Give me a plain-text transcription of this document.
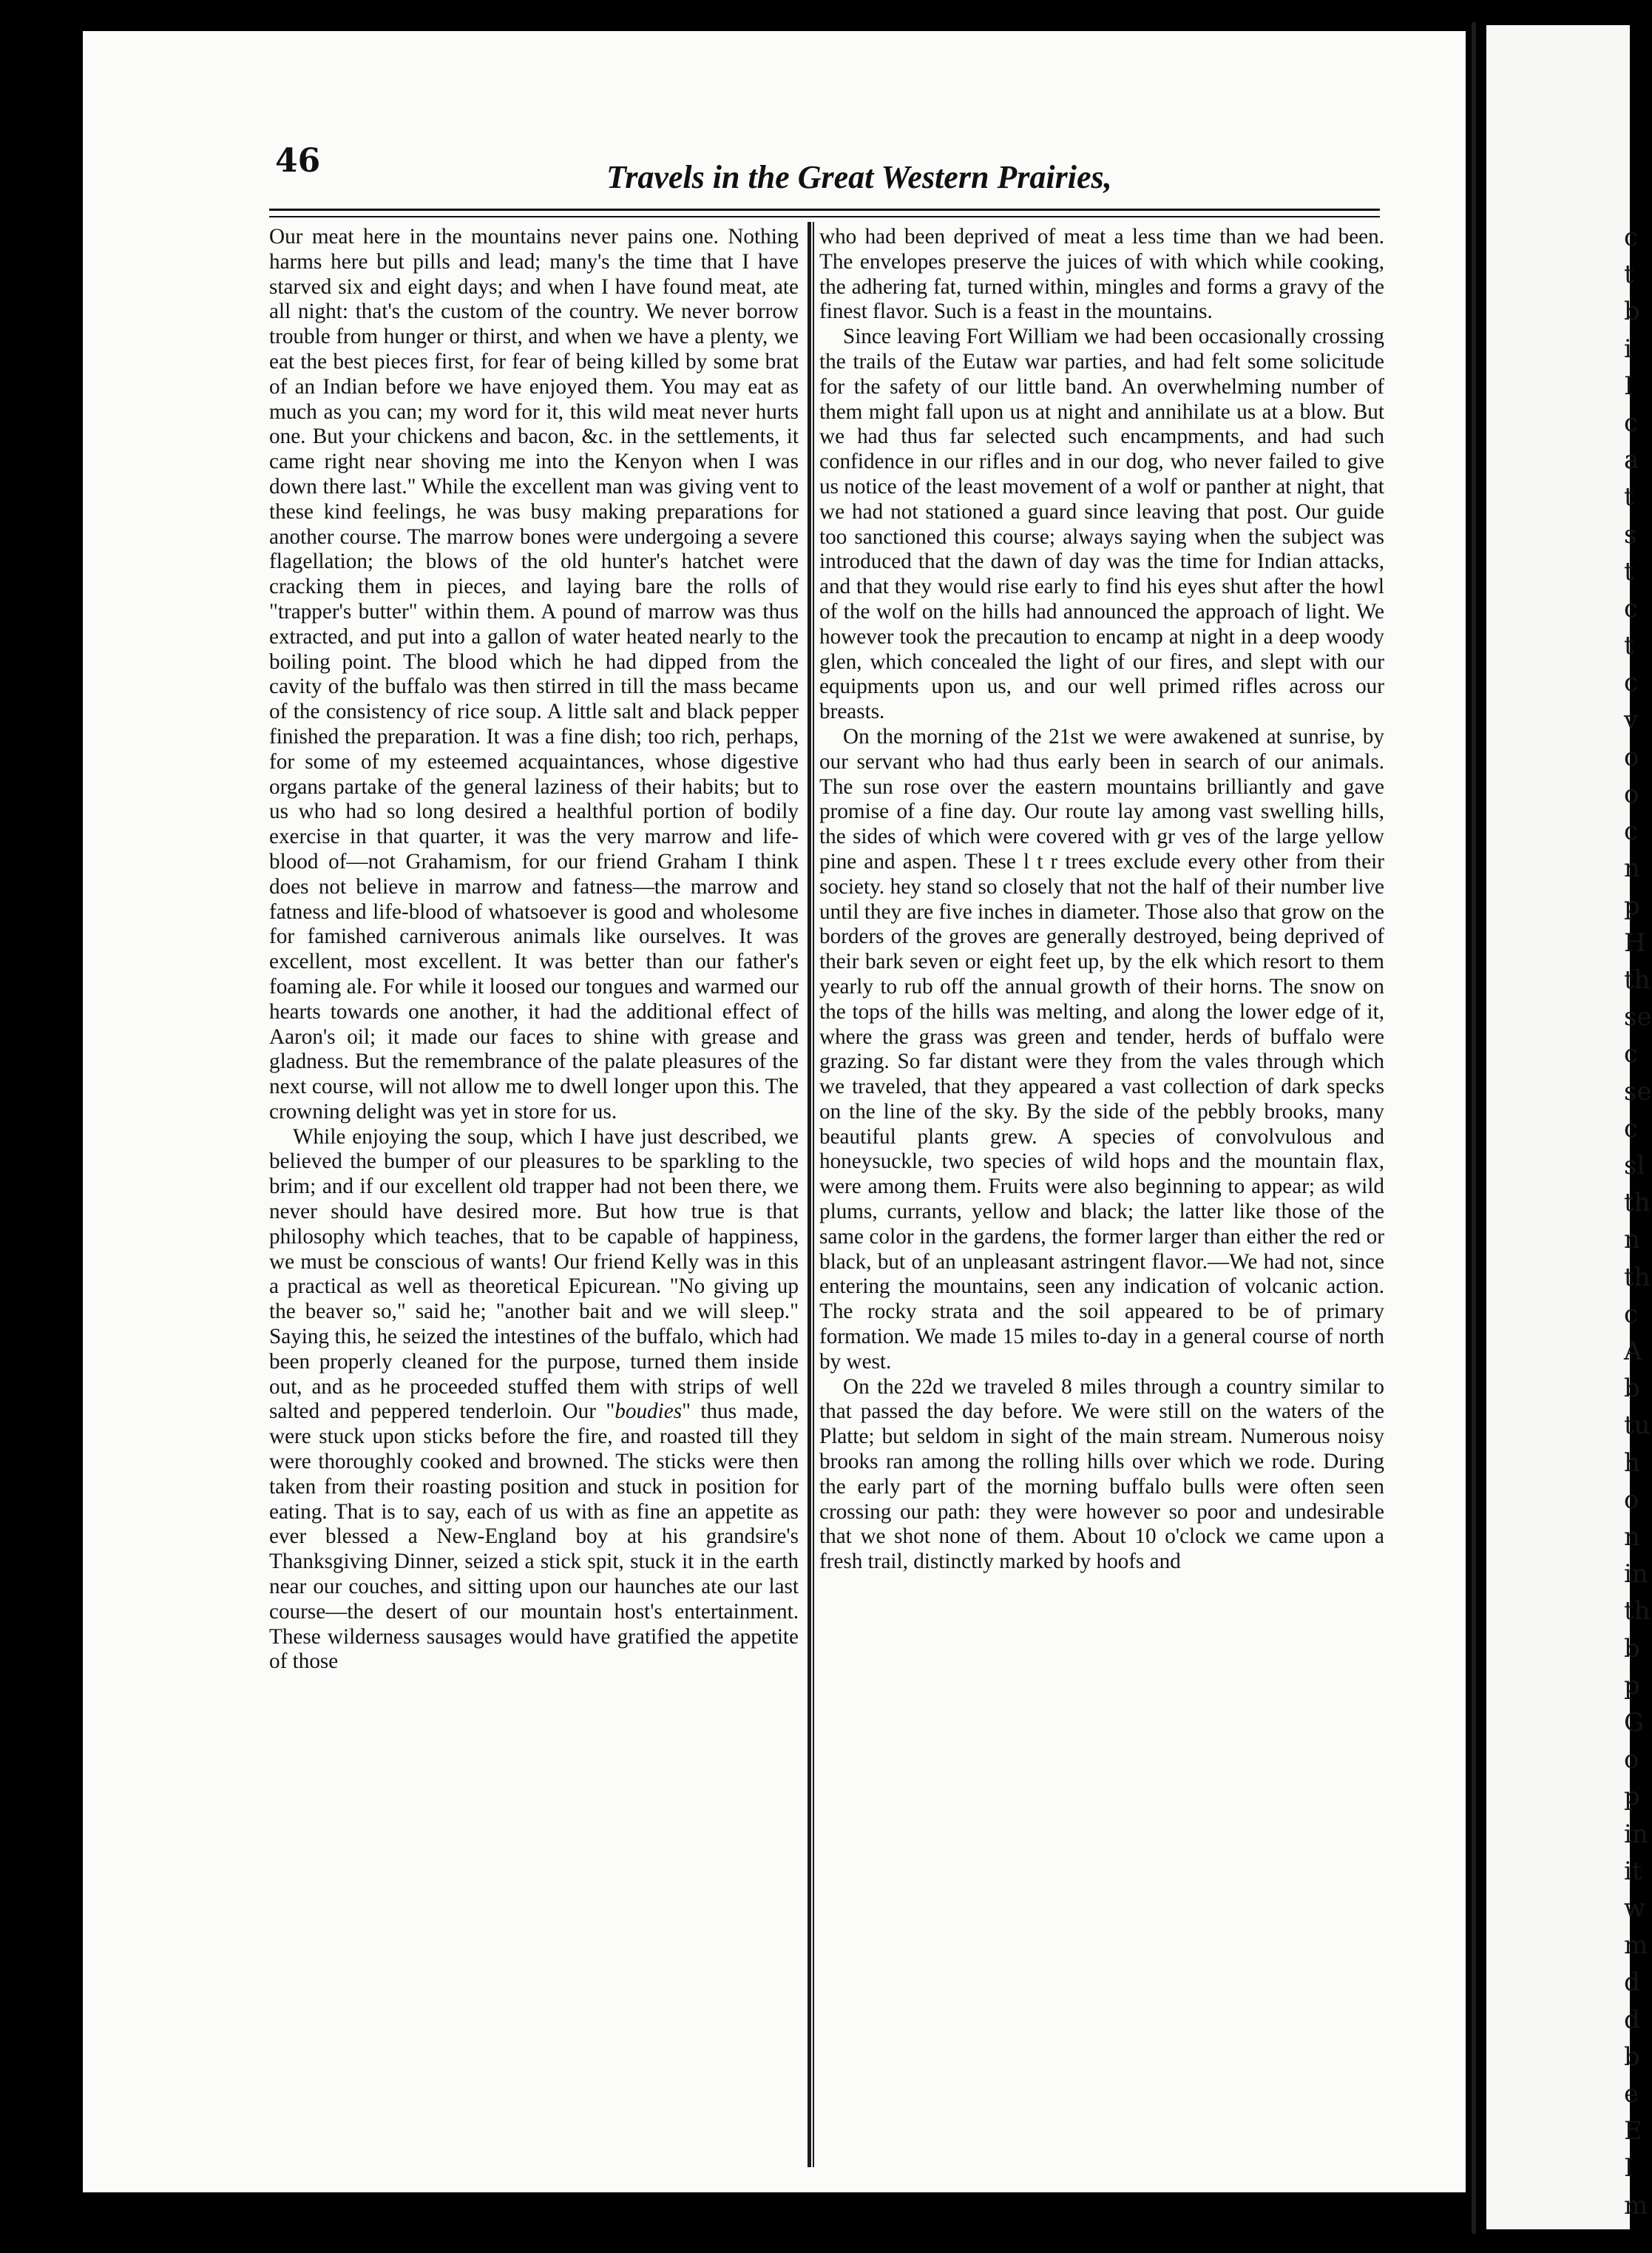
c
t
b
i
I
c
a
t
s
t
c
t
c
v
o
o
c
n
p
H
th
se
c
se
c
sl
th
n
th
c
A
b
tu
h
o
n
in
th
b
p
G
o
p
in
it
w
m
d
d
b
e
E
I
m
46	Travels in the Great Western Prairies,

Our meat here in the mountains never pains one. Nothing harms here but pills and lead; many's the time that I have starved six and eight days; and when I have found meat, ate all night: that's the custom of the country. We never borrow trouble from hunger or thirst, and when we have a plenty, we eat the best pieces first, for fear of being killed by some brat of an Indian before we have enjoyed them. You may eat as much as you can; my word for it, this wild meat never hurts one. But your chickens and bacon, &c. in the settlements, it came right near shoving me into the Kenyon when I was down there last." While the excellent man was giving vent to these kind feelings, he was busy making preparations for another course. The marrow bones were undergoing a severe flagellation; the blows of the old hunter's hatchet were cracking them in pieces, and laying bare the rolls of "trapper's butter" within them. A pound of marrow was thus extracted, and put into a gallon of water heated nearly to the boiling point. The blood which he had dipped from the cavity of the buffalo was then stirred in till the mass became of the consistency of rice soup. A little salt and black pepper finished the preparation. It was a fine dish; too rich, perhaps, for some of my esteemed acquaintances, whose digestive organs partake of the general laziness of their habits; but to us who had so long desired a healthful portion of bodily exercise in that quarter, it was the very marrow and life-blood of—not Grahamism, for our friend Graham I think does not believe in marrow and fatness—the marrow and fatness and life-blood of whatsoever is good and wholesome for famished carniverous animals like ourselves. It was excellent, most excellent. It was better than our father's foaming ale. For while it loosed our tongues and warmed our hearts towards one another, it had the additional effect of Aaron's oil; it made our faces to shine with grease and gladness. But the remembrance of the palate pleasures of the next course, will not allow me to dwell longer upon this. The crowning delight was yet in store for us.

While enjoying the soup, which I have just described, we believed the bumper of our pleasures to be sparkling to the brim; and if our excellent old trapper had not been there, we never should have desired more. But how true is that philosophy which teaches, that to be capable of happiness, we must be conscious of wants! Our friend Kelly was in this a practical as well as theoretical Epicurean. "No giving up the beaver so," said he; "another bait and we will sleep." Saying this, he seized the intestines of the buffalo, which had been properly cleaned for the purpose, turned them inside out, and as he proceeded stuffed them with strips of well salted and peppered tenderloin. Our "boudies" thus made, were stuck upon sticks before the fire, and roasted till they were thoroughly cooked and browned. The sticks were then taken from their roasting position and stuck in position for eating. That is to say, each of us with as fine an appetite as ever blessed a New-England boy at his grandsire's Thanksgiving Dinner, seized a stick spit, stuck it in the earth near our couches, and sitting upon our haunches ate our last course—the desert of our mountain host's entertainment. These wilderness sausages would have gratified the appetite of those

who had been deprived of meat a less time than we had been. The envelopes preserve the juices of with which while cooking, the adhering fat, turned within, mingles and forms a gravy of the finest flavor. Such is a feast in the mountains.

Since leaving Fort William we had been occasionally crossing the trails of the Eutaw war parties, and had felt some solicitude for the safety of our little band. An overwhelming number of them might fall upon us at night and annihilate us at a blow. But we had thus far selected such encampments, and had such confidence in our rifles and in our dog, who never failed to give us notice of the least movement of a wolf or panther at night, that we had not stationed a guard since leaving that post. Our guide too sanctioned this course; always saying when the subject was introduced that the dawn of day was the time for Indian attacks, and that they would rise early to find his eyes shut after the howl of the wolf on the hills had announced the approach of light. We however took the precaution to encamp at night in a deep woody glen, which concealed the light of our fires, and slept with our equipments upon us, and our well primed rifles across our breasts.

On the morning of the 21st we were awakened at sunrise, by our servant who had thus early been in search of our animals. The sun rose over the eastern mountains brilliantly and gave promise of a fine day. Our route lay among vast swelling hills, the sides of which were covered with gr ves of the large yellow pine and aspen. These l t r trees exclude every other from their society. hey stand so closely that not the half of their number live until they are five inches in diameter. Those also that grow on the borders of the groves are generally destroyed, being deprived of their bark seven or eight feet up, by the elk which resort to them yearly to rub off the annual growth of their horns. The snow on the tops of the hills was melting, and along the lower edge of it, where the grass was green and tender, herds of buffalo were grazing. So far distant were they from the vales through which we traveled, that they appeared a vast collection of dark specks on the line of the sky. By the side of the pebbly brooks, many beautiful plants grew. A species of convolvulous and honeysuckle, two species of wild hops and the mountain flax, were among them. Fruits were also beginning to appear; as wild plums, currants, yellow and black; the latter like those of the same color in the gardens, the former larger than either the red or black, but of an unpleasant astringent flavor.—We had not, since entering the mountains, seen any indication of volcanic action. The rocky strata and the soil appeared to be of primary formation. We made 15 miles to-day in a general course of north by west.

On the 22d we traveled 8 miles through a country similar to that passed the day before. We were still on the waters of the Platte; but seldom in sight of the main stream. Numerous noisy brooks ran among the rolling hills over which we rode. During the early part of the morning buffalo bulls were often seen crossing our path: they were however so poor and undesirable that we shot none of them. About 10 o'clock we came upon a fresh trail, distinctly marked by hoofs and
